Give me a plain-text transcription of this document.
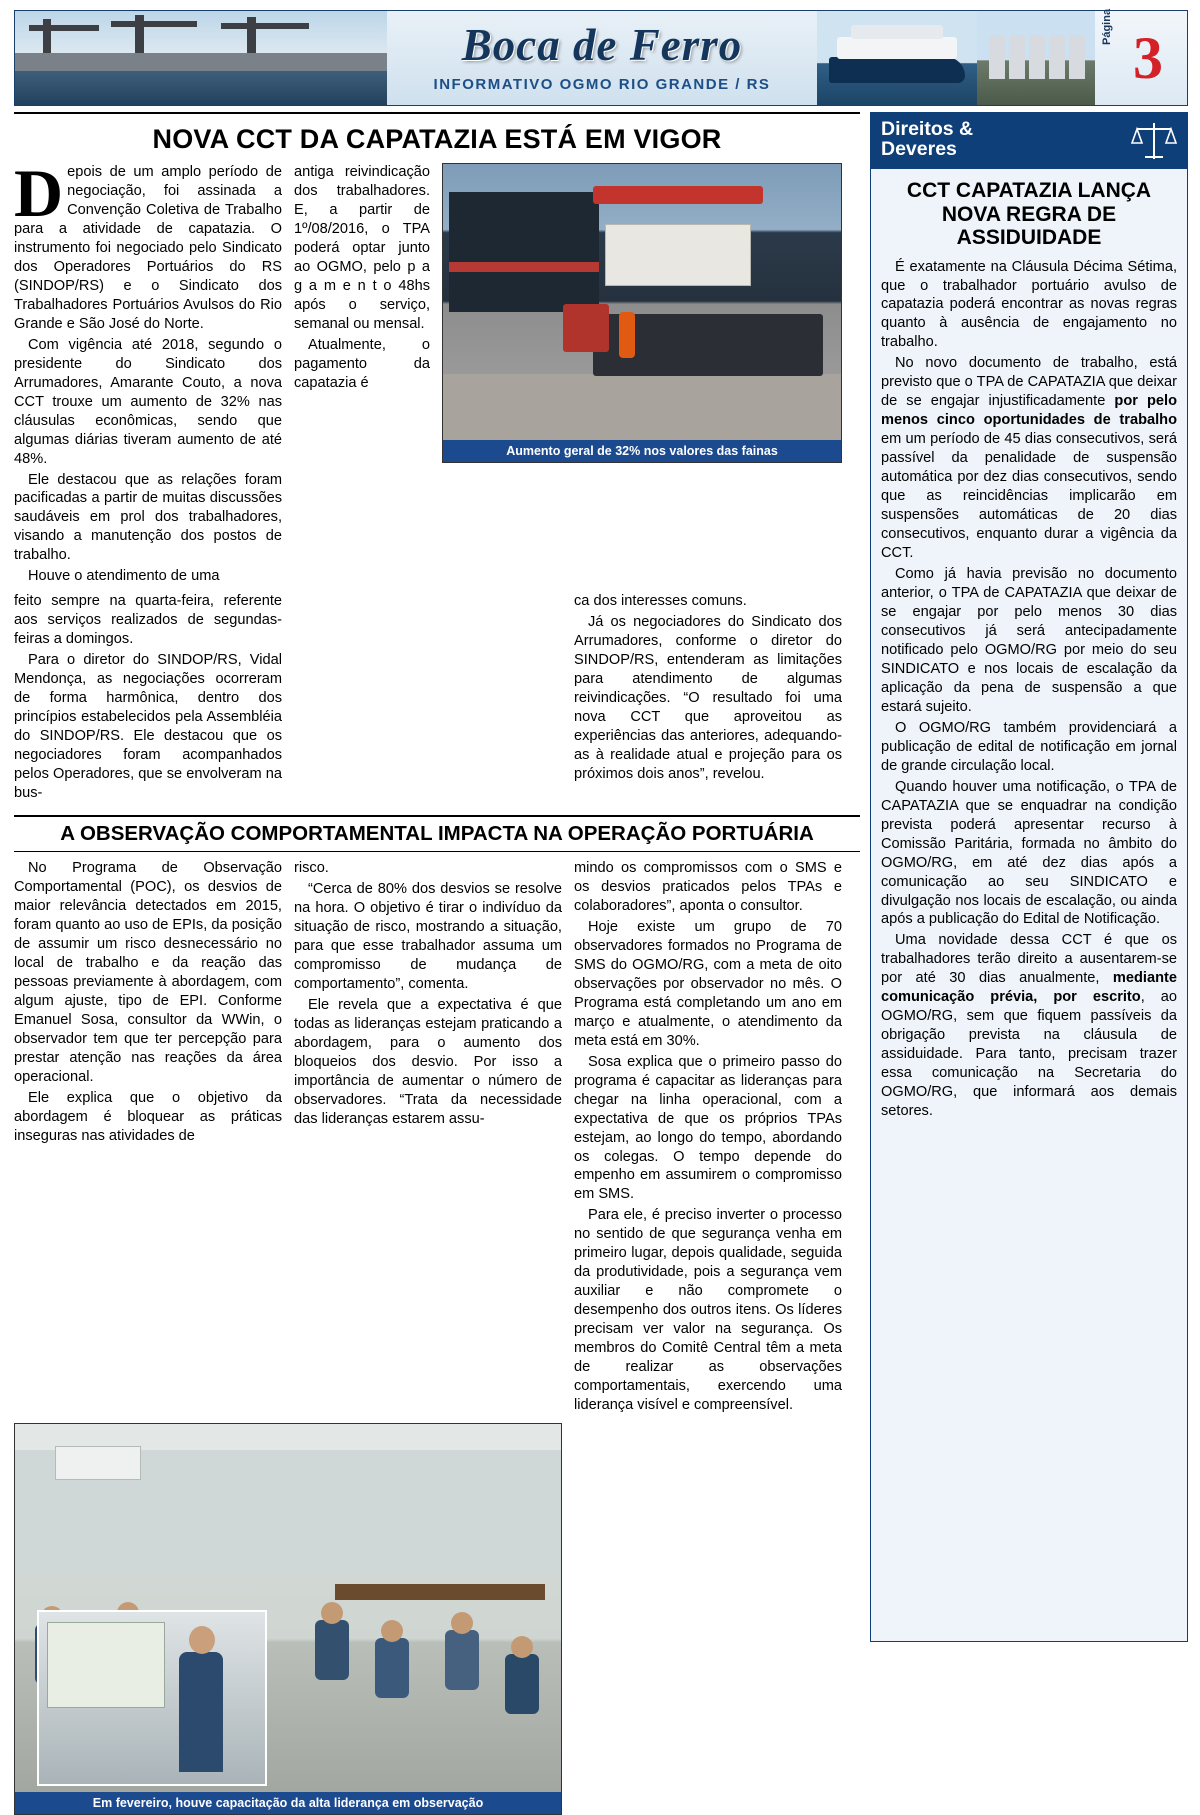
Boca de Ferro
INFORMATIVO OGMO RIO GRANDE / RS
Página 3
NOVA CCT DA CAPATAZIA ESTÁ EM VIGOR

Depois de um amplo período de negociação, foi assinada a Convenção Coletiva de Trabalho para a atividade de capatazia. O instrumento foi negociado pelo Sindicato dos Operadores Portuários do RS (SINDOP/RS) e o Sindicato dos Trabalhadores Portuários Avulsos do Rio Grande e São José do Norte.

Com vigência até 2018, segundo o presidente do Sindicato dos Arrumadores, Amarante Couto, a nova CCT trouxe um aumento de 32% nas cláusulas econômicas, sendo que algumas diárias tiveram aumento de até 48%.

Ele destacou que as relações foram pacificadas a partir de muitas discussões saudáveis em prol dos trabalhadores, visando a manutenção dos postos de trabalho.

Houve o atendimento de uma

antiga reivindicação dos trabalhadores. E, a partir de 1º/08/2016, o TPA poderá optar junto ao OGMO, pelo p a g a m e n t o 48hs após o serviço, semanal ou mensal.

Atualmente, o pagamento da capatazia é

Aumento geral de 32% nos valores das fainas

feito sempre na quarta-feira, referente aos serviços realizados de segundas-feiras a domingos.

Para o diretor do SINDOP/RS, Vidal Mendonça, as negociações ocorreram de forma harmônica, dentro dos princípios estabelecidos pela Assembléia do SINDOP/RS. Ele destacou que os negociadores foram acompanhados pelos Operadores, que se envolveram na bus-

ca dos interesses comuns.

Já os negociadores do Sindicato dos Arrumadores, conforme o diretor do SINDOP/RS, entenderam as limitações para atendimento de algumas reivindicações. “O resultado foi uma nova CCT que aproveitou as experiências das anteriores, adequando-as à realidade atual e projeção para os próximos dois anos”, revelou.

A OBSERVAÇÃO COMPORTAMENTAL IMPACTA NA OPERAÇÃO PORTUÁRIA

No Programa de Observação Comportamental (POC), os desvios de maior relevância detectados em 2015, foram quanto ao uso de EPIs, da posição de assumir um risco desnecessário no local de trabalho e da reação das pessoas previamente à abordagem, com algum ajuste, tipo de EPI. Conforme Emanuel Sosa, consultor da WWin, o observador tem que ter percepção para prestar atenção nas reações da área operacional.

Ele explica que o objetivo da abordagem é bloquear as práticas inseguras nas atividades de

risco.

“Cerca de 80% dos desvios se resolve na hora. O objetivo é tirar o indivíduo da situação de risco, mostrando a situação, para que esse trabalhador assuma um compromisso de mudança de comportamento”, comenta.

Ele revela que a expectativa é que todas as lideranças estejam praticando a abordagem, para o aumento dos bloqueios dos desvio. Por isso a importância de aumentar o número de observadores. “Trata da necessidade das lideranças estarem assu-

mindo os compromissos com o SMS e os desvios praticados pelos TPAs e colaboradores”, aponta o consultor.

Hoje existe um grupo de 70 observadores formados no Programa de SMS do OGMO/RG, com a meta de oito observações por observador no mês. O Programa está completando um ano em março e atualmente, o atendimento da meta está em 30%.

Sosa explica que o primeiro passo do programa é capacitar as lideranças para chegar na linha operacional, com a expectativa de que os próprios TPAs estejam, ao longo do tempo, abordando os colegas. O tempo depende do empenho em assumirem o compromisso em SMS.

Para ele, é preciso inverter o processo no sentido de que segurança venha em primeiro lugar, depois qualidade, seguida da produtividade, pois a segurança vem auxiliar e não compromete o desempenho dos outros itens. Os líderes precisam ver valor na segurança. Os membros do Comitê Central têm a meta de realizar as observações comportamentais, exercendo uma liderança visível e compreensível.

Em fevereiro, houve capacitação da alta liderança em observação
Direitos &
Deveres
CCT CAPATAZIA LANÇA NOVA REGRA DE ASSIDUIDADE

É exatamente na Cláusula Décima Sétima, que o trabalhador portuário avulso de capatazia poderá encontrar as novas regras quanto à ausência de engajamento no trabalho.

No novo documento de trabalho, está previsto que o TPA de CAPATAZIA que deixar de se engajar injustificadamente por pelo menos cinco oportunidades de trabalho em um período de 45 dias consecutivos, será passível da penalidade de suspensão automática por dez dias consecutivos, sendo que as reincidências implicarão em suspensões automáticas de 20 dias consecutivos, enquanto durar a vigência da CCT.

Como já havia previsão no documento anterior, o TPA de CAPATAZIA que deixar de se engajar por pelo menos 30 dias consecutivos já será antecipadamente notificado pelo OGMO/RG por meio do seu SINDICATO e nos locais de escalação da aplicação da pena de suspensão a que estará sujeito.

O OGMO/RG também providenciará a publicação de edital de notificação em jornal de grande circulação local.

Quando houver uma notificação, o TPA de CAPATAZIA que se enquadrar na condição prevista poderá apresentar recurso à Comissão Paritária, formada no âmbito do OGMO/RG, em até dez dias após a comunicação ao seu SINDICATO e divulgação nos locais de escalação, ou ainda após a publicação do Edital de Notificação.

Uma novidade dessa CCT é que os trabalhadores terão direito a ausentarem-se por até 30 dias anualmente, mediante comunicação prévia, por escrito, ao OGMO/RG, sem que fiquem passíveis da obrigação prevista na cláusula de assiduidade. Para tanto, precisam trazer essa comunicação na Secretaria do OGMO/RG, que informará aos demais setores.
